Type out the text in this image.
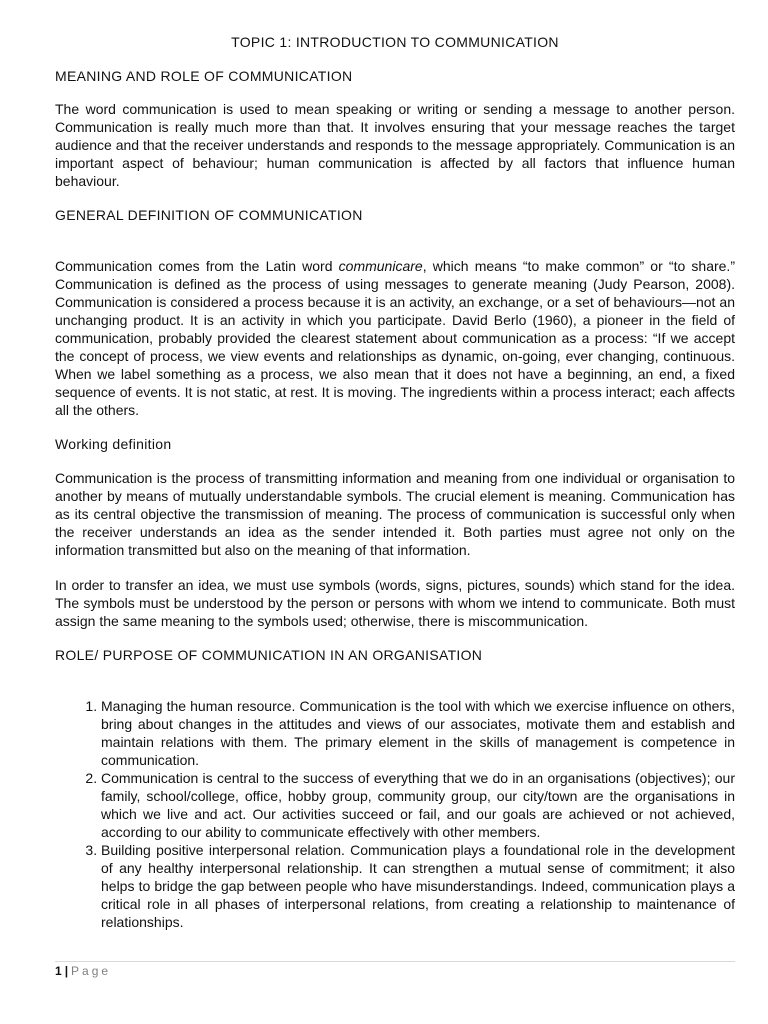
TOPIC 1: INTRODUCTION TO COMMUNICATION
MEANING AND ROLE OF COMMUNICATION

The word communication is used to mean speaking or writing or sending a message to another person. Communication is really much more than that. It involves ensuring that your message reaches the target audience and that the receiver understands and responds to the message appropriately. Communication is an important aspect of behaviour; human communication is affected by all factors that influence human behaviour.

GENERAL DEFINITION OF COMMUNICATION

Communication comes from the Latin word communicare, which means “to make common” or “to share.” Communication is defined as the process of using messages to generate meaning (Judy Pearson, 2008). Communication is considered a process because it is an activity, an exchange, or a set of behaviours—not an unchanging product. It is an activity in which you participate. David Berlo (1960), a pioneer in the field of communication, probably provided the clearest statement about communication as a process: “If we accept the concept of process, we view events and relationships as dynamic, on-going, ever changing, continuous. When we label something as a process, we also mean that it does not have a beginning, an end, a fixed sequence of events. It is not static, at rest. It is moving. The ingredients within a process interact; each affects all the others.

Working definition

Communication is the process of transmitting information and meaning from one individual or organisation to another by means of mutually understandable symbols. The crucial element is meaning. Communication has as its central objective the transmission of meaning. The process of communication is successful only when the receiver understands an idea as the sender intended it. Both parties must agree not only on the information transmitted but also on the meaning of that information.

In order to transfer an idea, we must use symbols (words, signs, pictures, sounds) which stand for the idea. The symbols must be understood by the person or persons with whom we intend to communicate. Both must assign the same meaning to the symbols used; otherwise, there is miscommunication.

ROLE/ PURPOSE OF COMMUNICATION IN AN ORGANISATION
1. Managing the human resource. Communication is the tool with which we exercise influence on others, bring about changes in the attitudes and views of our associates, motivate them and establish and maintain relations with them. The primary element in the skills of management is competence in communication.
2. Communication is central to the success of everything that we do in an organisations (objectives); our family, school/college, office, hobby group, community group, our city/town are the organisations in which we live and act. Our activities succeed or fail, and our goals are achieved or not achieved, according to our ability to communicate effectively with other members.
3. Building positive interpersonal relation. Communication plays a foundational role in the development of any healthy interpersonal relationship. It can strengthen a mutual sense of commitment; it also helps to bridge the gap between people who have misunderstandings. Indeed, communication plays a critical role in all phases of interpersonal relations, from creating a relationship to maintenance of relationships.
1 | Page
